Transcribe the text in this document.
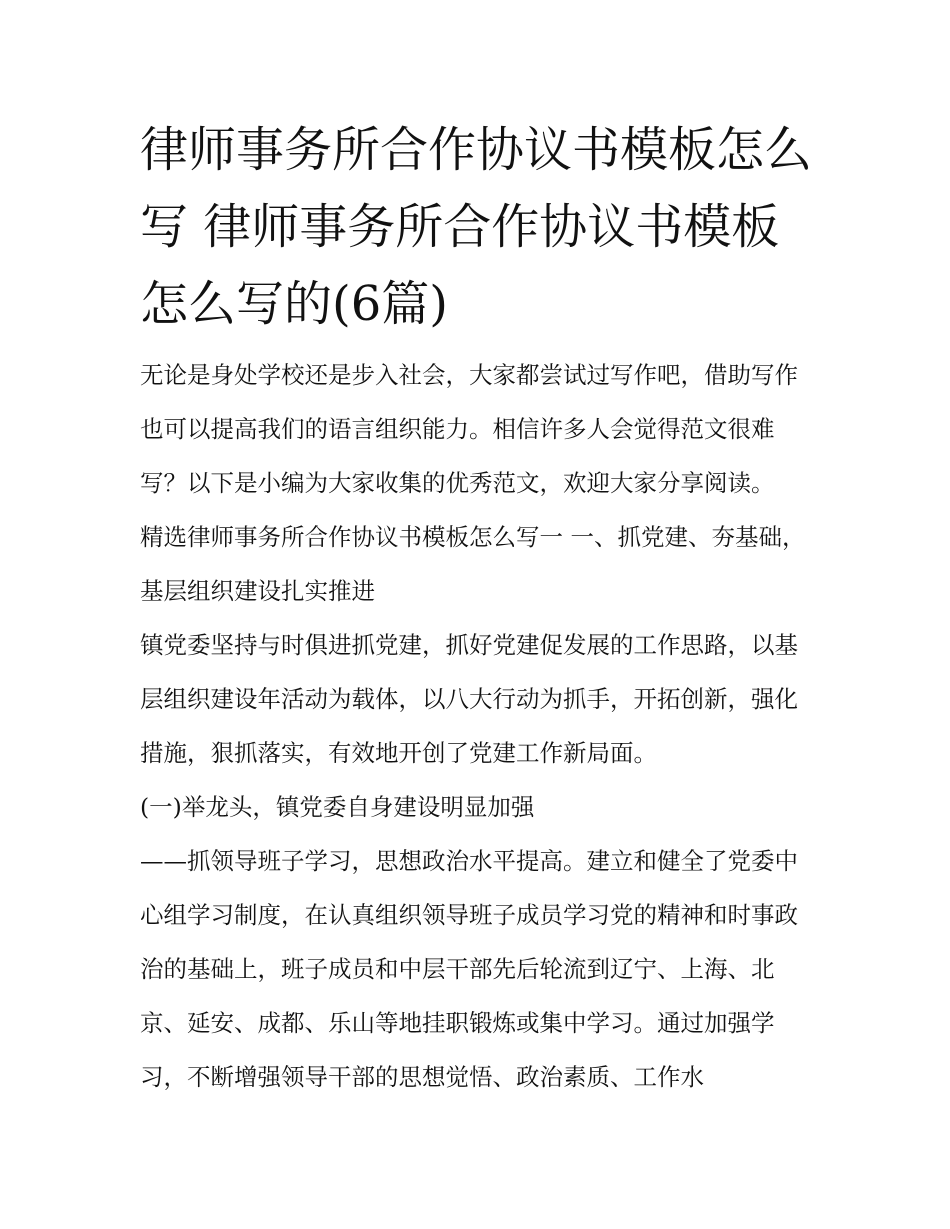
律师事务所合作协议书模板怎么写 律师事务所合作协议书模板怎么写的(6篇)

无论是身处学校还是步入社会，大家都尝试过写作吧，借助写作也可以提高我们的语言组织能力。相信许多人会觉得范文很难写？以下是小编为大家收集的优秀范文，欢迎大家分享阅读。

精选律师事务所合作协议书模板怎么写一 一、抓党建、夯基础，基层组织建设扎实推进

镇党委坚持与时俱进抓党建，抓好党建促发展的工作思路，以基层组织建设年活动为载体，以八大行动为抓手，开拓创新，强化措施，狠抓落实，有效地开创了党建工作新局面。

(一)举龙头，镇党委自身建设明显加强

——抓领导班子学习，思想政治水平提高。建立和健全了党委中心组学习制度，在认真组织领导班子成员学习党的精神和时事政治的基础上，班子成员和中层干部先后轮流到辽宁、上海、北京、延安、成都、乐山等地挂职锻炼或集中学习。通过加强学习，不断增强领导干部的思想觉悟、政治素质、工作水
